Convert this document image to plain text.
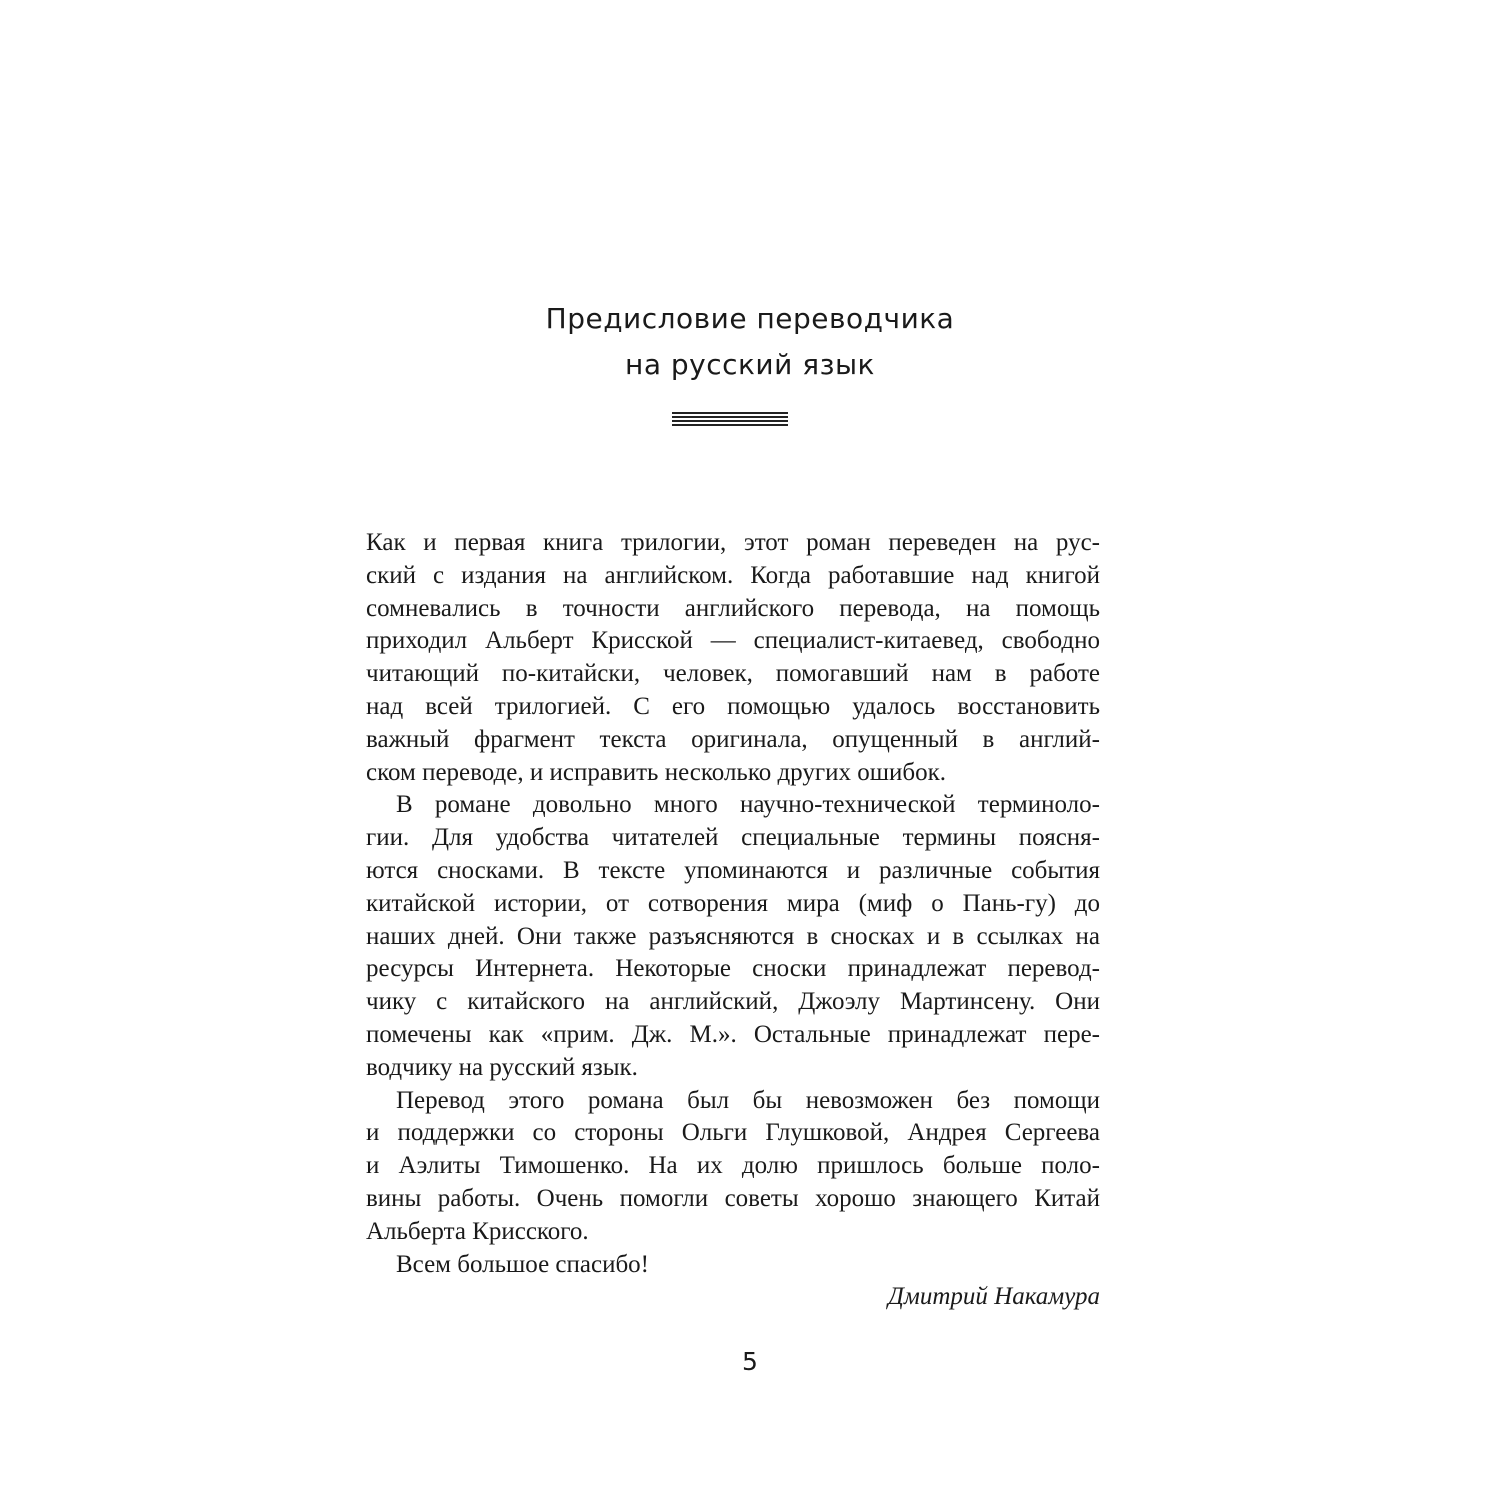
Предисловие переводчика
на русский язык
Как и первая книга трилогии, этот роман переведен на рус-
ский с издания на английском. Когда работавшие над книгой
сомневались в точности английского перевода, на помощь
приходил Альберт Крисской — специалист-китаевед, свободно
читающий по-китайски, человек, помогавший нам в работе
над всей трилогией. С его помощью удалось восстановить
важный фрагмент текста оригинала, опущенный в англий-
ском переводе, и исправить несколько других ошибок.
В романе довольно много научно-технической терминоло-
гии. Для удобства читателей специальные термины поясня-
ются сносками. В тексте упоминаются и различные события
китайской истории, от сотворения мира (миф о Пань-гу) до
наших дней. Они также разъясняются в сносках и в ссылках на
ресурсы Интернета. Некоторые сноски принадлежат перевод-
чику с китайского на английский, Джоэлу Мартинсену. Они
помечены как «прим. Дж. М.». Остальные принадлежат пере-
водчику на русский язык.
Перевод этого романа был бы невозможен без помощи
и поддержки со стороны Ольги Глушковой, Андрея Сергеева
и Аэлиты Тимошенко. На их долю пришлось больше поло-
вины работы. Очень помогли советы хорошо знающего Китай
Альберта Крисского.
Всем большое спасибо!
Дмитрий Накамура
5
